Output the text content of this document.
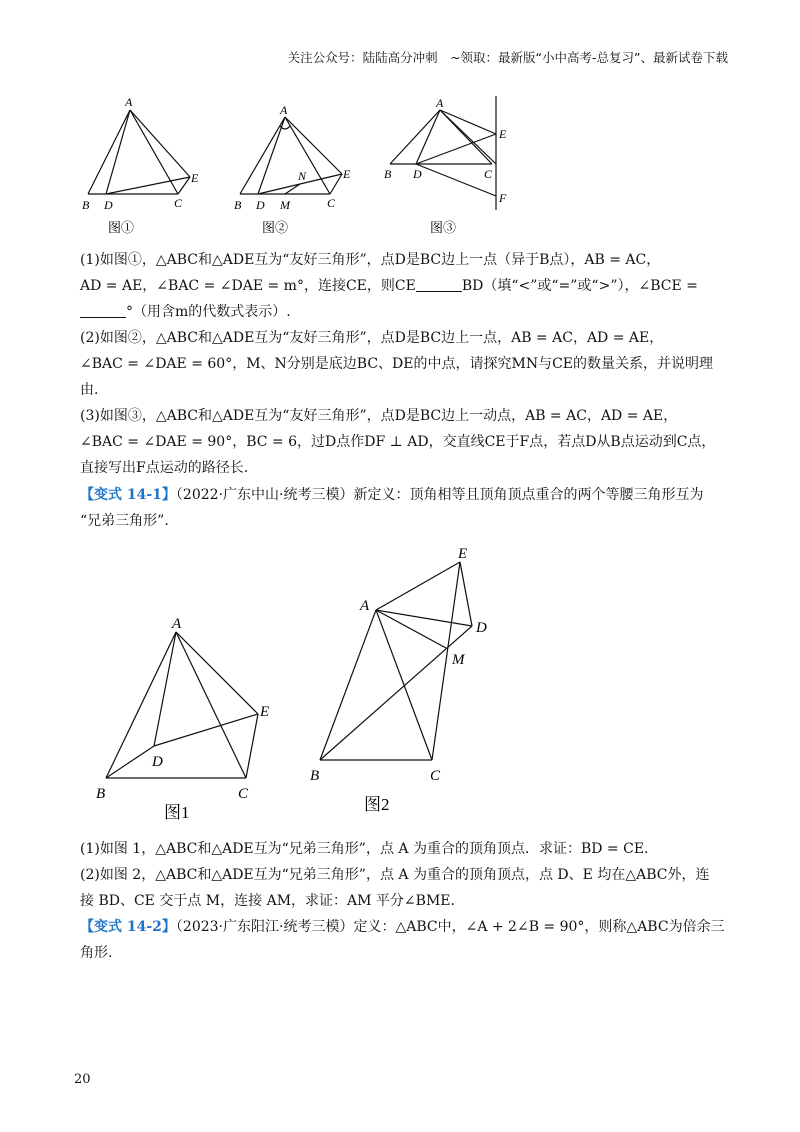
关注公众号：陆陆高分冲刺　~领取：最新版“小中高考-总复习”、最新试卷下载
A
B D	C
E
图①
A
B D M
N
C
E
图②
A
B D	C
E
F
图③
(1)如图①，△ABC和△ADE互为“友好三角形”，点D是BC边上一点（异于B点），AB = AC，
AD = AE，∠BAC = ∠DAE = m°，连接CE，则CE	BD（填“<”或“=”或“>”），∠BCE =
°（用含m的代数式表示）.
(2)如图②，△ABC和△ADE互为“友好三角形”，点D是BC边上一点，AB = AC，AD = AE，
∠BAC = ∠DAE = 60°，M、N分别是底边BC、DE的中点，请探究MN与CE的数量关系，并说明理
由.
(3)如图③，△ABC和△ADE互为“友好三角形”，点D是BC边上一动点，AB = AC，AD = AE，
∠BAC = ∠DAE = 90°，BC = 6，过D点作DF ⊥ AD，交直线CE于F点，若点D从B点运动到C点，
直接写出F点运动的路径长.
【变式 14-1】（2022·广东中山·统考三模）新定义：顶角相等且顶角顶点重合的两个等腰三角形互为
“兄弟三角形”.
A
B
D
C
E
图1
A
B	C
M
D
E
图2
(1)如图 1，△ABC和△ADE互为“兄弟三角形”，点 A 为重合的顶角顶点．求证：BD = CE.
(2)如图 2，△ABC和△ADE互为“兄弟三角形”，点 A 为重合的顶角顶点，点 D、E 均在△ABC外，连
接 BD、CE 交于点 M，连接 AM，求证：AM 平分∠BME.
【变式 14-2】（2023·广东阳江·统考三模）定义：△ABC中，∠A + 2∠B = 90°，则称△ABC为倍余三
角形.
20
